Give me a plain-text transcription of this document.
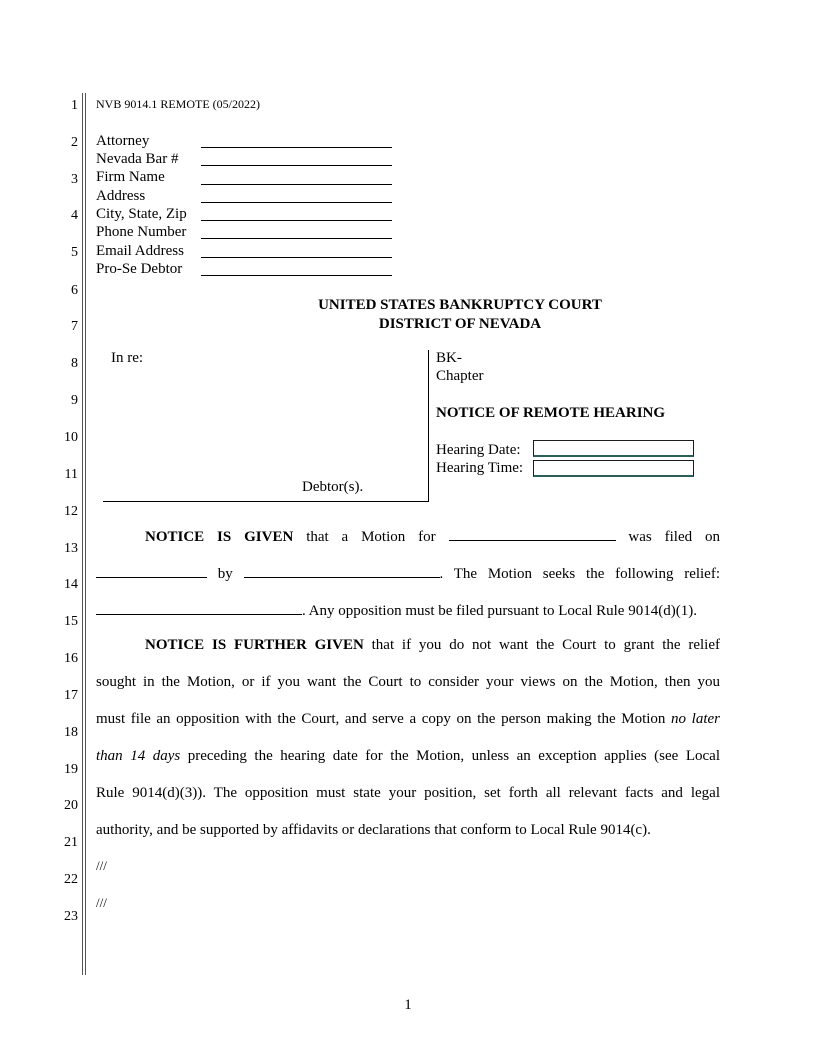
1
2
3
4
5
6
7
8
9
10
11
12
13
14
15
16
17
18
19
20
21
22
23
NVB 9014.1 REMOTE (05/2022)
Attorney
Nevada Bar #
Firm Name
Address
City, State, Zip
Phone Number
Email Address
Pro-Se Debtor
UNITED STATES BANKRUPTCY COURT
DISTRICT OF NEVADA
In re:
Debtor(s).
BK-
Chapter
NOTICE OF REMOTE HEARING
Hearing Date:
Hearing Time:
NOTICE IS GIVEN that a Motion for	was filed on
by	. The Motion seeks the following relief:
. Any opposition must be filed pursuant to Local Rule 9014(d)(1).
NOTICE IS FURTHER GIVEN that if you do not want the Court to grant the relief
sought in the Motion, or if you want the Court to consider your views on the Motion, then you
must file an opposition with the Court, and serve a copy on the person making the Motion no later
than 14 days preceding the hearing date for the Motion, unless an exception applies (see Local
Rule 9014(d)(3)). The opposition must state your position, set forth all relevant facts and legal
authority, and be supported by affidavits or declarations that conform to Local Rule 9014(c).
///
///
1
